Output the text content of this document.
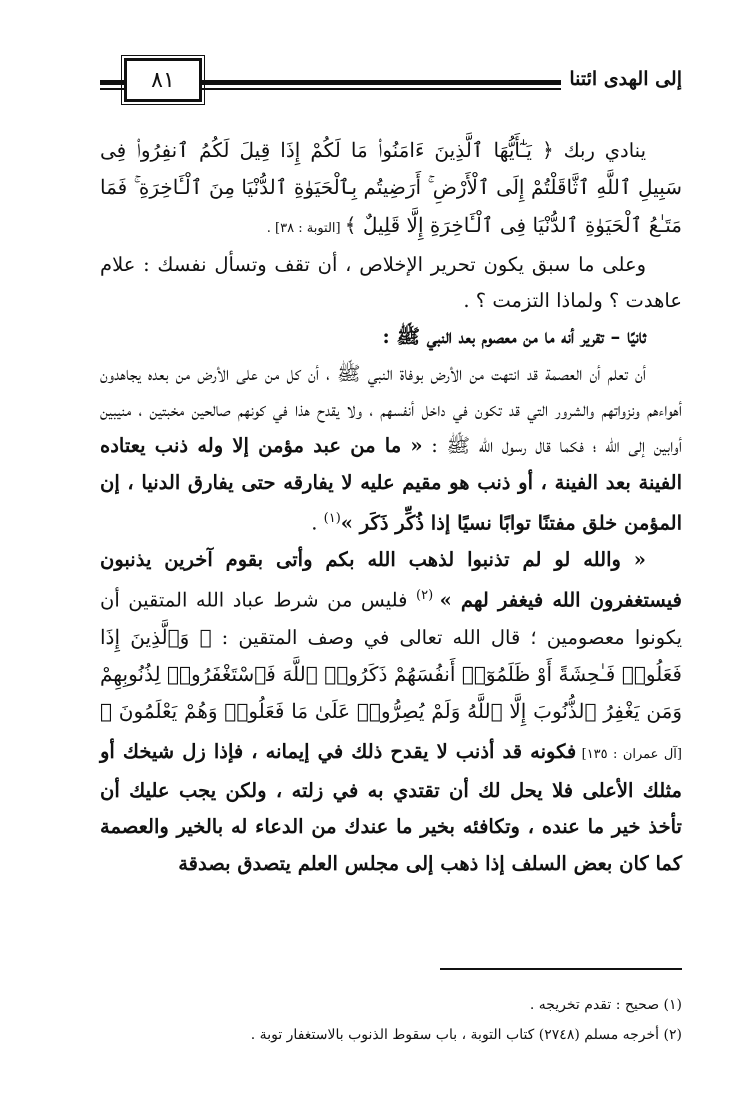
٨١	إلى الهدى ائتنا

ينادي ربك ﴿ يَـٰٓأَيُّهَا ٱلَّذِينَ ءَامَنُوا۟ مَا لَكُمْ إِذَا قِيلَ لَكُمُ ٱنفِرُوا۟ فِى سَبِيلِ ٱللَّهِ ٱثَّاقَلْتُمْ إِلَى ٱلْأَرْضِ ۚ أَرَضِيتُم بِٱلْحَيَوٰةِ ٱلدُّنْيَا مِنَ ٱلْـَٔاخِرَةِ ۚ فَمَا مَتَـٰعُ ٱلْحَيَوٰةِ ٱلدُّنْيَا فِى ٱلْـَٔاخِرَةِ إِلَّا قَلِيلٌ ﴾ [التوبة : ٣٨] .

وعلى ما سبق يكون تحرير الإخلاص ، أن تقف وتسأل نفسك : علام عاهدت ؟ ولماذا التزمت ؟ .

ثانيًا – تقرير أنه ما من معصوم بعد النبي ﷺ :

أن تعلم أن العصمة قد انتهت من الأرض بوفاة النبي ﷺ ، أن كل من على الأرض من بعده يجاهدون أهواءهم ونزواتهم والشرور التي قد تكون في داخل أنفسهم ، ولا يقدح هذا في كونهم صالحين مخبتين ، منيبين أوابين إلى الله ؛ فكما قال رسول الله ﷺ : « ما من عبد مؤمن إلا وله ذنب يعتاده الفينة بعد الفينة ، أو ذنب هو مقيم عليه لا يفارقه حتى يفارق الدنيا ، إن المؤمن خلق مفتنًا توابًا نسيًا إذا ذُكِّر ذَكَر »$^{(١)}$ .

« والله لو لم تذنبوا لذهب الله بكم وأتى بقوم آخرين يذنبون فيستغفرون الله فيغفر لهم » $^{(٢)}$ فليس من شرط عباد الله المتقين أن يكونوا معصومين ؛ قال الله تعالى في وصف المتقين : ﴿ وَٱلَّذِينَ إِذَا فَعَلُوا۟ فَـٰحِشَةً أَوْ ظَلَمُوٓا۟ أَنفُسَهُمْ ذَكَرُوا۟ ٱللَّهَ فَٱسْتَغْفَرُوا۟ لِذُنُوبِهِمْ وَمَن يَغْفِرُ ٱلذُّنُوبَ إِلَّا ٱللَّهُ وَلَمْ يُصِرُّوا۟ عَلَىٰ مَا فَعَلُوا۟ وَهُمْ يَعْلَمُونَ ﴾ [آل عمران : ١٣٥] فكونه قد أذنب لا يقدح ذلك في إيمانه ، فإذا زل شيخك أو مثلك الأعلى فلا يحل لك أن تقتدي به في زلته ، ولكن يجب عليك أن تأخذ خير ما عنده ، وتكافئه بخير ما عندك من الدعاء له بالخير والعصمة كما كان بعض السلف إذا ذهب إلى مجلس العلم يتصدق بصدقة

(١) صحيح : تقدم تخريجه .

(٢) أخرجه مسلم (٢٧٤٨) كتاب التوبة ، باب سقوط الذنوب بالاستغفار توبة .
